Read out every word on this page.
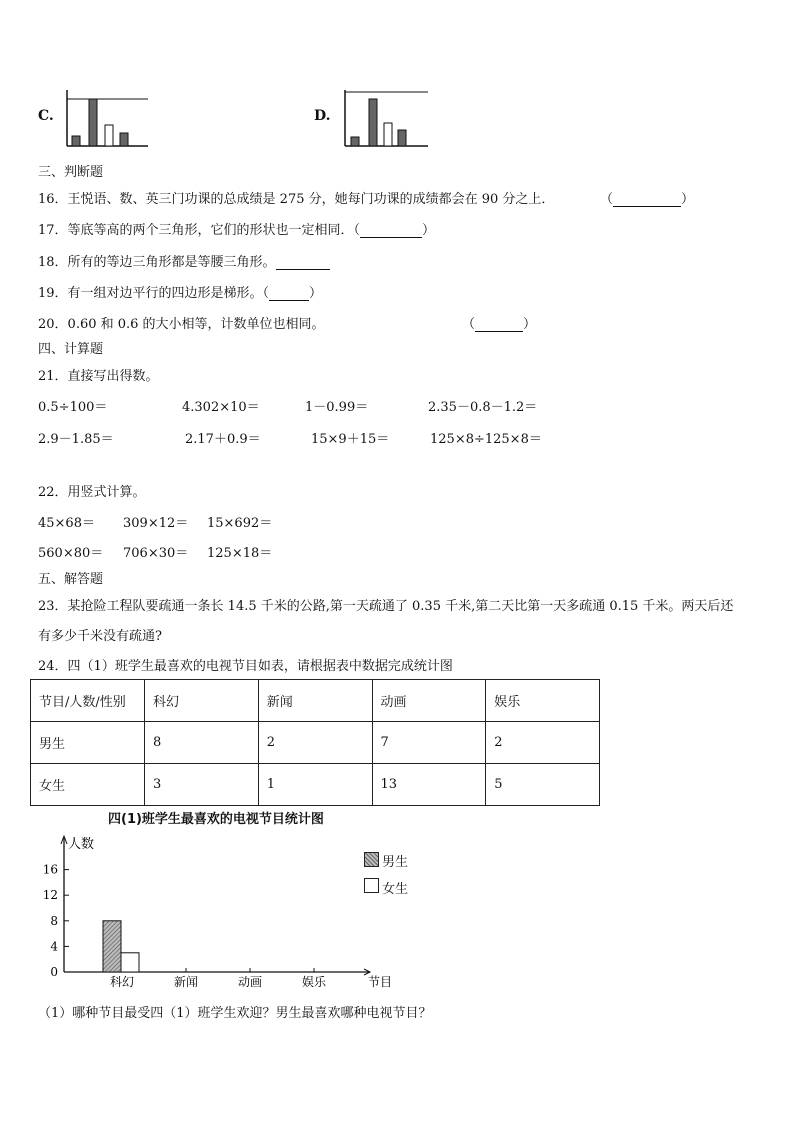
C.	D.
三、判断题
16．王悦语、数、英三门功课的总成绩是 275 分，她每门功课的成绩都会在 90 分之上．	（	）
17．等底等高的两个三角形，它们的形状也一定相同．（	）
18．所有的等边三角形都是等腰三角形。
19．有一组对边平行的四边形是梯形。（	）
20．0.60 和 0.6 的大小相等，计数单位也相同。	（	）
四、计算题
21．直接写出得数。
0.5÷100＝	4.302×10＝	1－0.99＝	2.35－0.8－1.2＝
2.9－1.85＝	2.17＋0.9＝	15×9＋15＝	125×8÷125×8＝
22．用竖式计算。
45×68＝ 309×12＝ 15×692＝
560×80＝ 706×30＝ 125×18＝
五、解答题
23．某抢险工程队要疏通一条长 14.5 千米的公路,第一天疏通了 0.35 千米,第二天比第一天多疏通 0.15 千米。两天后还
有多少千米没有疏通?
24．四（1）班学生最喜欢的电视节目如表，请根据表中数据完成统计图
节目/人数/性别	科幻	新闻	动画	娱乐
男生	8	2	7	2
女生	3	1	13	5
四(1)班学生最喜欢的电视节目统计图
人数
0
4
8
12
16
科幻	新闻	动画	娱乐	节目
男生
女生
（1）哪种节目最受四（1）班学生欢迎？男生最喜欢哪种电视节目？
